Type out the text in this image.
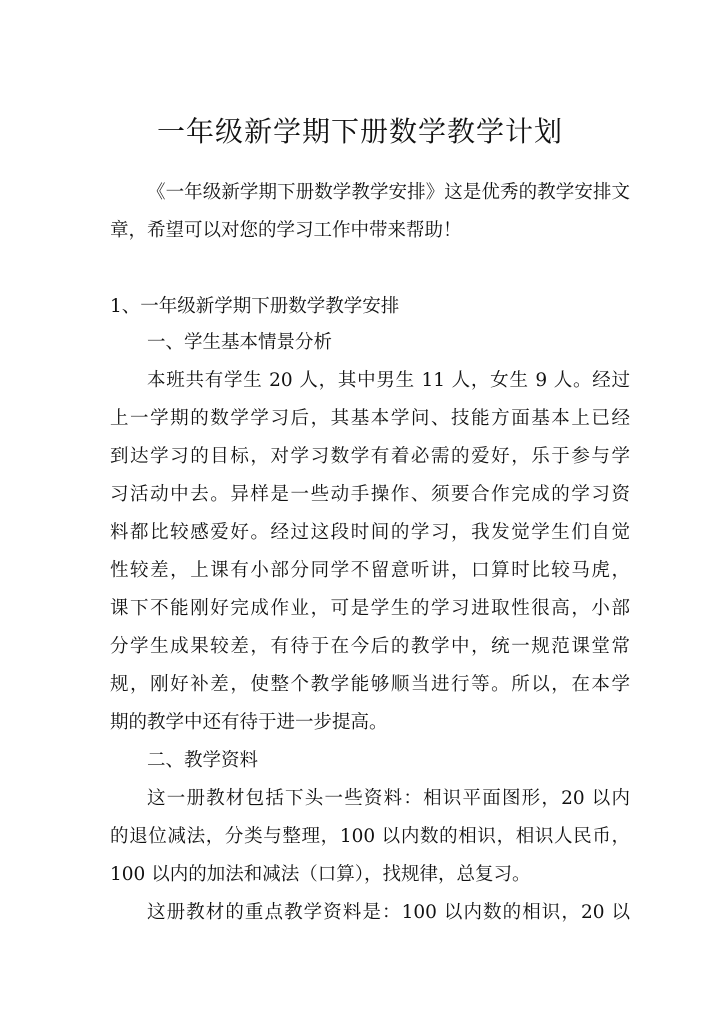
一年级新学期下册数学教学计划

《一年级新学期下册数学教学安排》这是优秀的教学安排文

章，希望可以对您的学习工作中带来帮助！

1、一年级新学期下册数学教学安排

一、学生基本情景分析

本班共有学生 20 人，其中男生 11 人，女生 9 人。经过

上一学期的数学学习后，其基本学问、技能方面基本上已经

到达学习的目标，对学习数学有着必需的爱好，乐于参与学

习活动中去。异样是一些动手操作、须要合作完成的学习资

料都比较感爱好。经过这段时间的学习，我发觉学生们自觉

性较差，上课有小部分同学不留意听讲，口算时比较马虎，

课下不能刚好完成作业，可是学生的学习进取性很高，小部

分学生成果较差，有待于在今后的教学中，统一规范课堂常

规，刚好补差，使整个教学能够顺当进行等。所以，在本学

期的教学中还有待于进一步提高。

二、教学资料

这一册教材包括下头一些资料：相识平面图形，20 以内

的退位减法，分类与整理，100 以内数的相识，相识人民币，

100 以内的加法和减法（口算），找规律，总复习。

这册教材的重点教学资料是：100 以内数的相识，20 以
